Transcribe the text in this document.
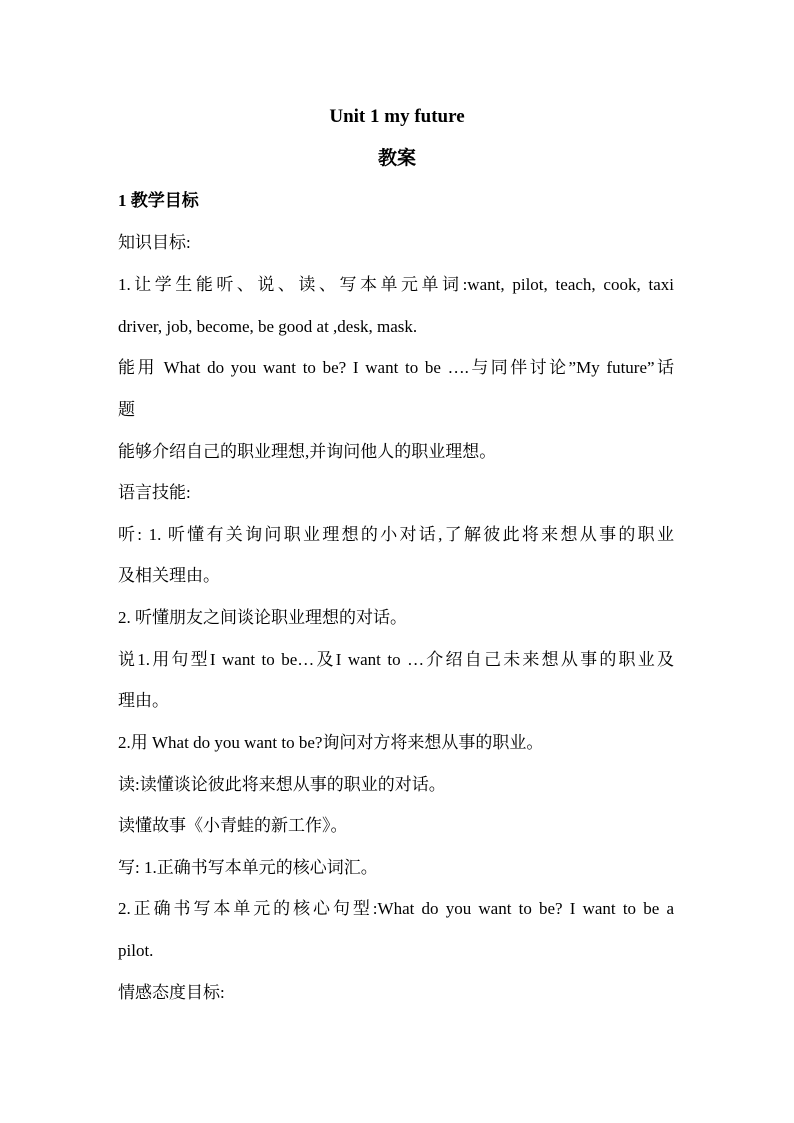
Unit 1 my future
教案
1 教学目标
知识目标:
1.让学生能听、说、读、写本单元单词:want, pilot, teach, cook, taxi
driver, job, become, be good at ,desk, mask.
能用 What do you want to be? I want to be ….与同伴讨论”My future”话
题
能够介绍自己的职业理想,并询问他人的职业理想。
语言技能:
听: 1. 听懂有关询问职业理想的小对话,了解彼此将来想从事的职业
及相关理由。
2. 听懂朋友之间谈论职业理想的对话。
说1.用句型I want to be…及I want to …介绍自己未来想从事的职业及
理由。
2.用 What do you want to be?询问对方将来想从事的职业。
读:读懂谈论彼此将来想从事的职业的对话。
读懂故事《小青蛙的新工作》。
写: 1.正确书写本单元的核心词汇。
2.正确书写本单元的核心句型:What do you want to be? I want to be a
pilot.
情感态度目标:
